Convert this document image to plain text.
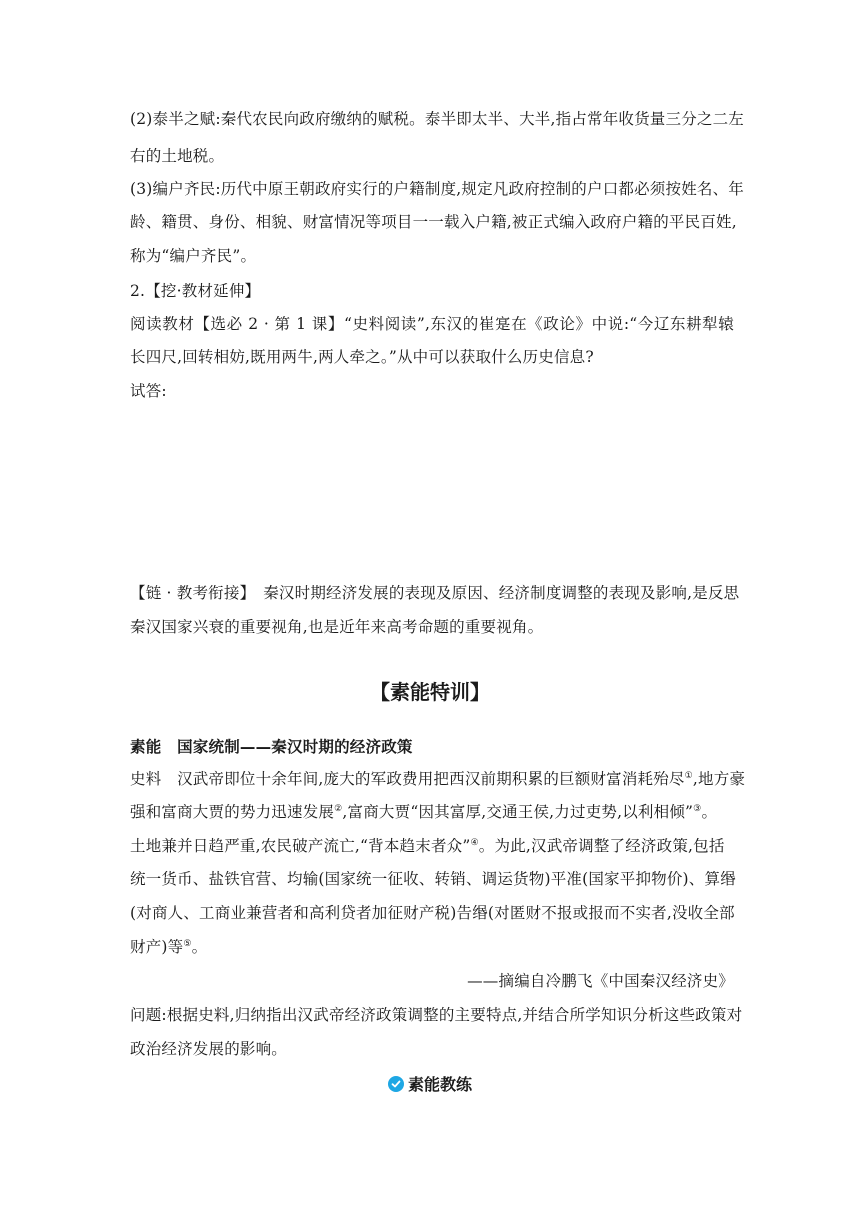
(2)泰半之赋:秦代农民向政府缴纳的赋税。泰半即太半、大半,指占常年收货量三分之二左
右的土地税。
(3)编户齐民:历代中原王朝政府实行的户籍制度,规定凡政府控制的户口都必须按姓名、年
龄、籍贯、身份、相貌、财富情况等项目一一载入户籍,被正式编入政府户籍的平民百姓,
称为“编户齐民”。
2.【挖·教材延伸】
阅读教材【选必 2 · 第 1 课】“史料阅读”,东汉的崔寔在《政论》中说:“今辽东耕犁辕
长四尺,回转相妨,既用两牛,两人牵之。”从中可以获取什么历史信息?
试答:
【链 · 教考衔接】　秦汉时期经济发展的表现及原因、经济制度调整的表现及影响,是反思
秦汉国家兴衰的重要视角,也是近年来高考命题的重要视角。
【素能特训】
素能　国家统制——秦汉时期的经济政策
史料　汉武帝即位十余年间,庞大的军政费用把西汉前期积累的巨额财富消耗殆尽①,地方豪
强和富商大贾的势力迅速发展②,富商大贾“因其富厚,交通王侯,力过吏势,以利相倾”③。
土地兼并日趋严重,农民破产流亡,“背本趋末者众”④。为此,汉武帝调整了经济政策,包括
统一货币、盐铁官营、均输(国家统一征收、转销、调运货物)平准(国家平抑物价)、算缗
(对商人、工商业兼营者和高利贷者加征财产税)告缗(对匿财不报或报而不实者,没收全部
财产)等⑤。
——摘编自冷鹏飞《中国秦汉经济史》
问题:根据史料,归纳指出汉武帝经济政策调整的主要特点,并结合所学知识分析这些政策对
政治经济发展的影响。
素能教练
